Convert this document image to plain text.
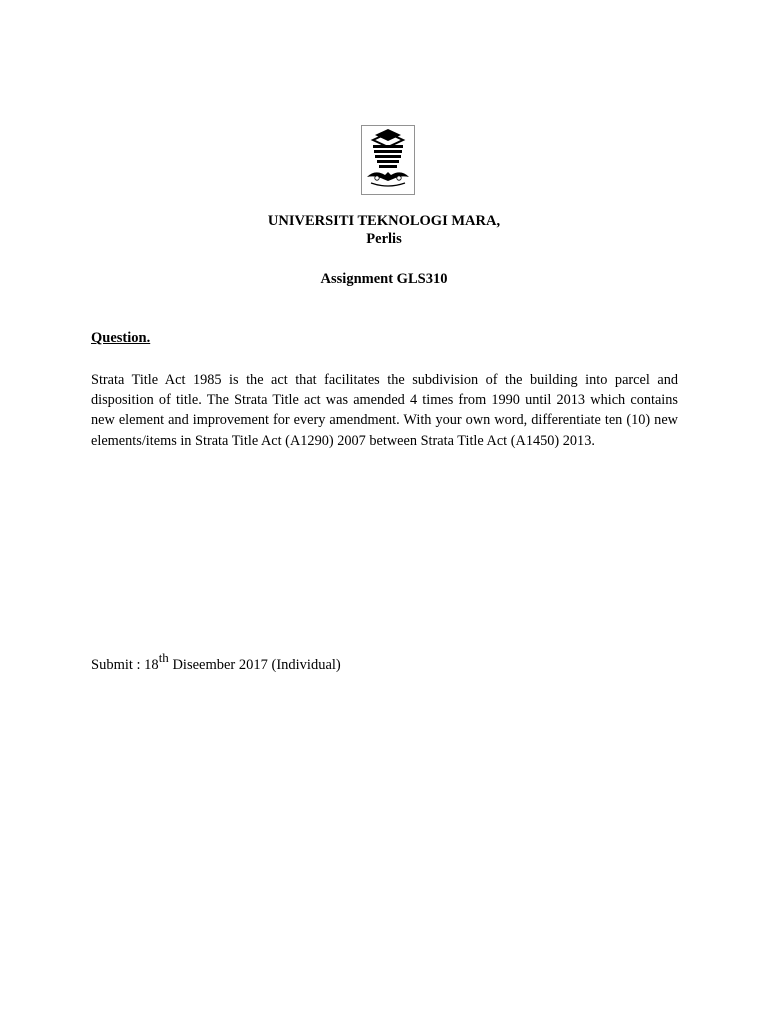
UNIVERSITI TEKNOLOGI MARA,
Perlis
Assignment GLS310
Question.
Strata Title Act 1985 is the act that facilitates the subdivision of the building into parcel and disposition of title. The Strata Title act was amended 4 times from 1990 until 2013 which contains new element and improvement for every amendment. With your own word, differentiate ten (10) new elements/items in Strata Title Act (A1290) 2007 between Strata Title Act (A1450) 2013.
Submit : 18th Diseember 2017 (Individual)
